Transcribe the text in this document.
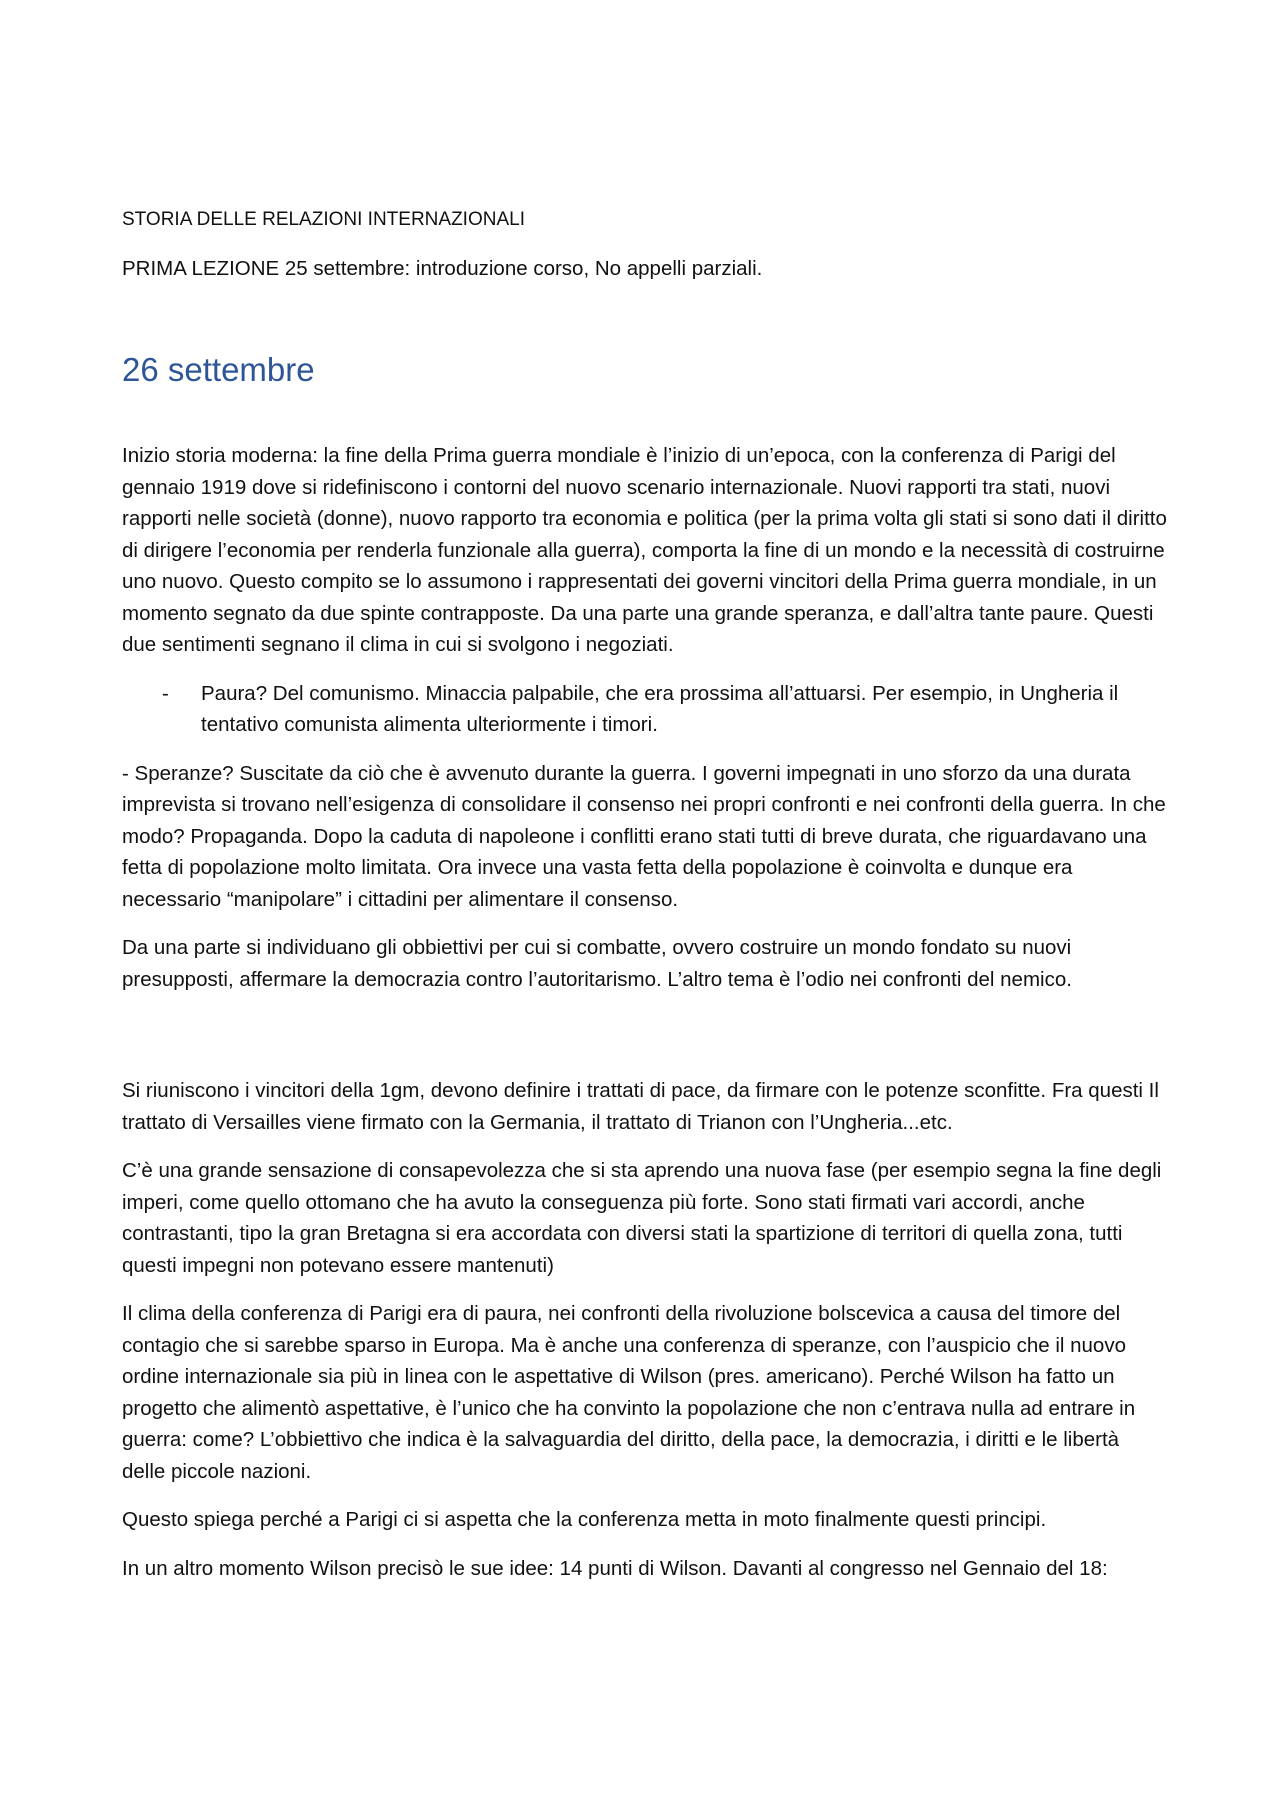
STORIA DELLE RELAZIONI INTERNAZIONALI
PRIMA LEZIONE 25 settembre: introduzione corso, No appelli parziali.
26 settembre

Inizio storia moderna: la fine della Prima guerra mondiale è l’inizio di un’epoca, con la conferenza di Parigi del gennaio 1919 dove si ridefiniscono i contorni del nuovo scenario internazionale. Nuovi rapporti tra stati, nuovi rapporti nelle società (donne), nuovo rapporto tra economia e politica (per la prima volta gli stati si sono dati il diritto di dirigere l’economia per renderla funzionale alla guerra), comporta la fine di un mondo e la necessità di costruirne uno nuovo. Questo compito se lo assumono i rappresentati dei governi vincitori della Prima guerra mondiale, in un momento segnato da due spinte contrapposte. Da una parte una grande speranza, e dall’altra tante paure. Questi due sentimenti segnano il clima in cui si svolgono i negoziati.

-	Paura? Del comunismo. Minaccia palpabile, che era prossima all’attuarsi. Per esempio, in Ungheria il tentativo comunista alimenta ulteriormente i timori.

- Speranze? Suscitate da ciò che è avvenuto durante la guerra. I governi impegnati in uno sforzo da una durata imprevista si trovano nell’esigenza di consolidare il consenso nei propri confronti e nei confronti della guerra. In che modo? Propaganda. Dopo la caduta di napoleone i conflitti erano stati tutti di breve durata, che riguardavano una fetta di popolazione molto limitata. Ora invece una vasta fetta della popolazione è coinvolta e dunque era necessario “manipolare” i cittadini per alimentare il consenso.

Da una parte si individuano gli obbiettivi per cui si combatte, ovvero costruire un mondo fondato su nuovi presupposti, affermare la democrazia contro l’autoritarismo. L’altro tema è l’odio nei confronti del nemico.

Si riuniscono i vincitori della 1gm, devono definire i trattati di pace, da firmare con le potenze sconfitte. Fra questi Il trattato di Versailles viene firmato con la Germania, il trattato di Trianon con l’Ungheria...etc.

C’è una grande sensazione di consapevolezza che si sta aprendo una nuova fase (per esempio segna la fine degli imperi, come quello ottomano che ha avuto la conseguenza più forte. Sono stati firmati vari accordi, anche contrastanti, tipo la gran Bretagna si era accordata con diversi stati la spartizione di territori di quella zona, tutti questi impegni non potevano essere mantenuti)

Il clima della conferenza di Parigi era di paura, nei confronti della rivoluzione bolscevica a causa del timore del contagio che si sarebbe sparso in Europa. Ma è anche una conferenza di speranze, con l’auspicio che il nuovo ordine internazionale sia più in linea con le aspettative di Wilson (pres. americano). Perché Wilson ha fatto un progetto che alimentò aspettative, è l’unico che ha convinto la popolazione che non c’entrava nulla ad entrare in guerra: come? L’obbiettivo che indica è la salvaguardia del diritto, della pace, la democrazia, i diritti e le libertà delle piccole nazioni.

Questo spiega perché a Parigi ci si aspetta che la conferenza metta in moto finalmente questi principi.

In un altro momento Wilson precisò le sue idee: 14 punti di Wilson. Davanti al congresso nel Gennaio del 18:
